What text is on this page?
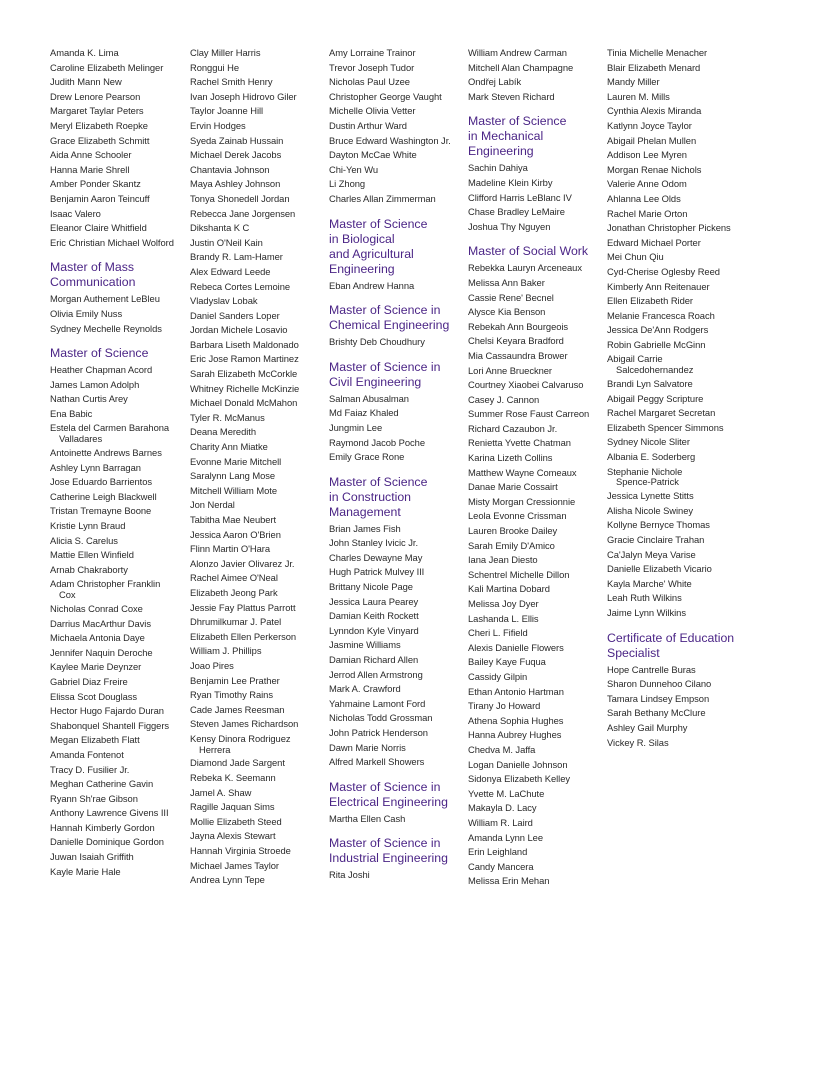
Amanda K. Lima
Caroline Elizabeth Melinger
Judith Mann New
Drew Lenore Pearson
Margaret Taylar Peters
Meryl Elizabeth Roepke
Grace Elizabeth Schmitt
Aida Anne Schooler
Hanna Marie Shrell
Amber Ponder Skantz
Benjamin Aaron Teincuff
Isaac Valero
Eleanor Claire Whitfield
Eric Christian Michael Wolford
Master of Mass
Communication
Morgan Authement LeBleu
Olivia Emily Nuss
Sydney Mechelle Reynolds
Master of Science
Heather Chapman Acord
James Lamon Adolph
Nathan Curtis Arey
Ena Babic
Estela del Carmen Barahona
Valladares
Antoinette Andrews Barnes
Ashley Lynn Barragan
Jose Eduardo Barrientos
Catherine Leigh Blackwell
Tristan Tremayne Boone
Kristie Lynn Braud
Alicia S. Carelus
Mattie Ellen Winfield
Arnab Chakraborty
Adam Christopher Franklin
Cox
Nicholas Conrad Coxe
Darrius MacArthur Davis
Michaela Antonia Daye
Jennifer Naquin Deroche
Kaylee Marie Deynzer
Gabriel Diaz Freire
Elissa Scot Douglass
Hector Hugo Fajardo Duran
Shabonquel Shantell Figgers
Megan Elizabeth Flatt
Amanda Fontenot
Tracy D. Fusilier Jr.
Meghan Catherine Gavin
Ryann Sh'rae Gibson
Anthony Lawrence Givens III
Hannah Kimberly Gordon
Danielle Dominique Gordon
Juwan Isaiah Griffith
Kayle Marie Hale
Clay Miller Harris
Ronggui He
Rachel Smith Henry
Ivan Joseph Hidrovo Giler
Taylor Joanne Hill
Ervin Hodges
Syeda Zainab Hussain
Michael Derek Jacobs
Chantavia Johnson
Maya Ashley Johnson
Tonya Shonedell Jordan
Rebecca Jane Jorgensen
Dikshanta K C
Justin O'Neil Kain
Brandy R. Lam-Hamer
Alex Edward Leede
Rebeca Cortes Lemoine
Vladyslav Lobak
Daniel Sanders Loper
Jordan Michele Losavio
Barbara Liseth Maldonado
Eric Jose Ramon Martinez
Sarah Elizabeth McCorkle
Whitney Richelle McKinzie
Michael Donald McMahon
Tyler R. McManus
Deana Meredith
Charity Ann Miatke
Evonne Marie Mitchell
Saralynn Lang Mose
Mitchell William Mote
Jon Nerdal
Tabitha Mae Neubert
Jessica Aaron O'Brien
Flinn Martin O'Hara
Alonzo Javier Olivarez Jr.
Rachel Aimee O'Neal
Elizabeth Jeong Park
Jessie Fay Plattus Parrott
Dhrumilkumar J. Patel
Elizabeth Ellen Perkerson
William J. Phillips
Joao Pires
Benjamin Lee Prather
Ryan Timothy Rains
Cade James Reesman
Steven James Richardson
Kensy Dinora Rodriguez
Herrera
Diamond Jade Sargent
Rebeka K. Seemann
Jamel A. Shaw
Ragille Jaquan Sims
Mollie Elizabeth Steed
Jayna Alexis Stewart
Hannah Virginia Stroede
Michael James Taylor
Andrea Lynn Tepe
Amy Lorraine Trainor
Trevor Joseph Tudor
Nicholas Paul Uzee
Christopher George Vaught
Michelle Olivia Vetter
Dustin Arthur Ward
Bruce Edward Washington Jr.
Dayton McCae White
Chi-Yen Wu
Li Zhong
Charles Allan Zimmerman
Master of Science
in Biological
and Agricultural
Engineering
Eban Andrew Hanna
Master of Science in
Chemical Engineering
Brishty Deb Choudhury
Master of Science in
Civil Engineering
Salman Abusalman
Md Faiaz Khaled
Jungmin Lee
Raymond Jacob Poche
Emily Grace Rone
Master of Science
in Construction
Management
Brian James Fish
John Stanley Ivicic Jr.
Charles Dewayne May
Hugh Patrick Mulvey III
Brittany Nicole Page
Jessica Laura Pearey
Damian Keith Rockett
Lynndon Kyle Vinyard
Jasmine Williams
Damian Richard Allen
Jerrod Allen Armstrong
Mark A. Crawford
Yahmaine Lamont Ford
Nicholas Todd Grossman
John Patrick Henderson
Dawn Marie Norris
Alfred Markell Showers
Master of Science in
Electrical Engineering
Martha Ellen Cash
Master of Science in
Industrial Engineering
Rita Joshi
William Andrew Carman
Mitchell Alan Champagne
Ondřej Labík
Mark Steven Richard
Master of Science
in Mechanical
Engineering
Sachin Dahiya
Madeline Klein Kirby
Clifford Harris LeBlanc IV
Chase Bradley LeMaire
Joshua Thy Nguyen
Master of Social Work
Rebekka Lauryn Arceneaux
Melissa Ann Baker
Cassie Rene' Becnel
Alysce Kia Benson
Rebekah Ann Bourgeois
Chelsi Keyara Bradford
Mia Cassaundra Brower
Lori Anne Brueckner
Courtney Xiaobei Calvaruso
Casey J. Cannon
Summer Rose Faust Carreon
Richard Cazaubon Jr.
Renietta Yvette Chatman
Karina Lizeth Collins
Matthew Wayne Comeaux
Danae Marie Cossairt
Misty Morgan Cressionnie
Leola Evonne Crissman
Lauren Brooke Dailey
Sarah Emily D'Amico
Iana Jean Diesto
Schentrel Michelle Dillon
Kali Martina Dobard
Melissa Joy Dyer
Lashanda L. Ellis
Cheri L. Fifield
Alexis Danielle Flowers
Bailey Kaye Fuqua
Cassidy Gilpin
Ethan Antonio Hartman
Tirany Jo Howard
Athena Sophia Hughes
Hanna Aubrey Hughes
Chedva M. Jaffa
Logan Danielle Johnson
Sidonya Elizabeth Kelley
Yvette M. LaChute
Makayla D. Lacy
William R. Laird
Amanda Lynn Lee
Erin Leighland
Candy Mancera
Melissa Erin Mehan
Tinia Michelle Menacher
Blair Elizabeth Menard
Mandy Miller
Lauren M. Mills
Cynthia Alexis Miranda
Katlynn Joyce Taylor
Abigail Phelan Mullen
Addison Lee Myren
Morgan Renae Nichols
Valerie Anne Odom
Ahlanna Lee Olds
Rachel Marie Orton
Jonathan Christopher Pickens
Edward Michael Porter
Mei Chun Qiu
Cyd-Cherise Oglesby Reed
Kimberly Ann Reitenauer
Ellen Elizabeth Rider
Melanie Francesca Roach
Jessica De'Ann Rodgers
Robin Gabrielle McGinn
Abigail Carrie
Salcedohernandez
Brandi Lyn Salvatore
Abigail Peggy Scripture
Rachel Margaret Secretan
Elizabeth Spencer Simmons
Sydney Nicole Sliter
Albania E. Soderberg
Stephanie Nichole
Spence-Patrick
Jessica Lynette Stitts
Alisha Nicole Swiney
Kollyne Bernyce Thomas
Gracie Cinclaire Trahan
Ca'Jalyn Meya Varise
Danielle Elizabeth Vicario
Kayla Marche' White
Leah Ruth Wilkins
Jaime Lynn Wilkins
Certificate of Education
Specialist
Hope Cantrelle Buras
Sharon Dunnehoo Cilano
Tamara Lindsey Empson
Sarah Bethany McClure
Ashley Gail Murphy
Vickey R. Silas
